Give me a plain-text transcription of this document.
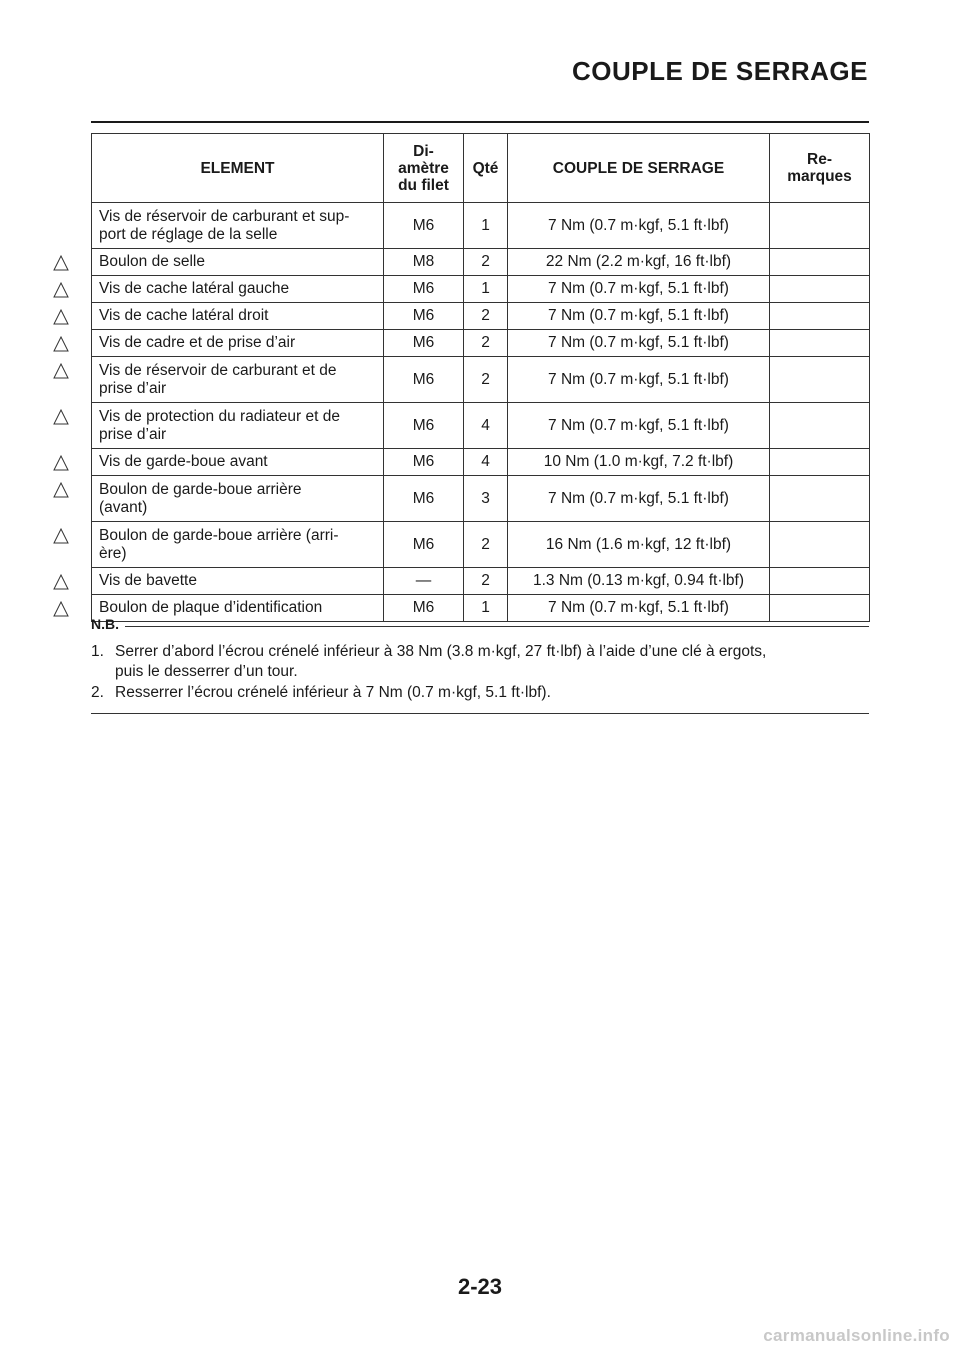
COUPLE DE SERRAGE
ELEMENT	Di-
amètre
du filet	Qté	COUPLE DE SERRAGE	Re-
marques
Vis de réservoir de carburant et sup-
port de réglage de la selle	M6	1	7 Nm (0.7 m·kgf, 5.1 ft·lbf)	
Boulon de selle	M8	2	22 Nm (2.2 m·kgf, 16 ft·lbf)	
Vis de cache latéral gauche	M6	1	7 Nm (0.7 m·kgf, 5.1 ft·lbf)	
Vis de cache latéral droit	M6	2	7 Nm (0.7 m·kgf, 5.1 ft·lbf)	
Vis de cadre et de prise d’air	M6	2	7 Nm (0.7 m·kgf, 5.1 ft·lbf)	
Vis de réservoir de carburant et de
prise d’air	M6	2	7 Nm (0.7 m·kgf, 5.1 ft·lbf)	
Vis de protection du radiateur et de
prise d’air	M6	4	7 Nm (0.7 m·kgf, 5.1 ft·lbf)	
Vis de garde-boue avant	M6	4	10 Nm (1.0 m·kgf, 7.2 ft·lbf)	
Boulon de garde-boue arrière
(avant)	M6	3	7 Nm (0.7 m·kgf, 5.1 ft·lbf)	
Boulon de garde-boue arrière (arri-
ère)	M6	2	16 Nm (1.6 m·kgf, 12 ft·lbf)	
Vis de bavette	—	2	1.3 Nm (0.13 m·kgf, 0.94 ft·lbf)	
Boulon de plaque d’identification	M6	1	7 Nm (0.7 m·kgf, 5.1 ft·lbf)	
N.B.
1. Serrer d’abord l’écrou crénelé inférieur à 38 Nm (3.8 m·kgf, 27 ft·lbf) à l’aide d’une clé à ergots,
puis le desserrer d’un tour.
2. Resserrer l’écrou crénelé inférieur à 7 Nm (0.7 m·kgf, 5.1 ft·lbf).
2-23
carmanualsonline.info
